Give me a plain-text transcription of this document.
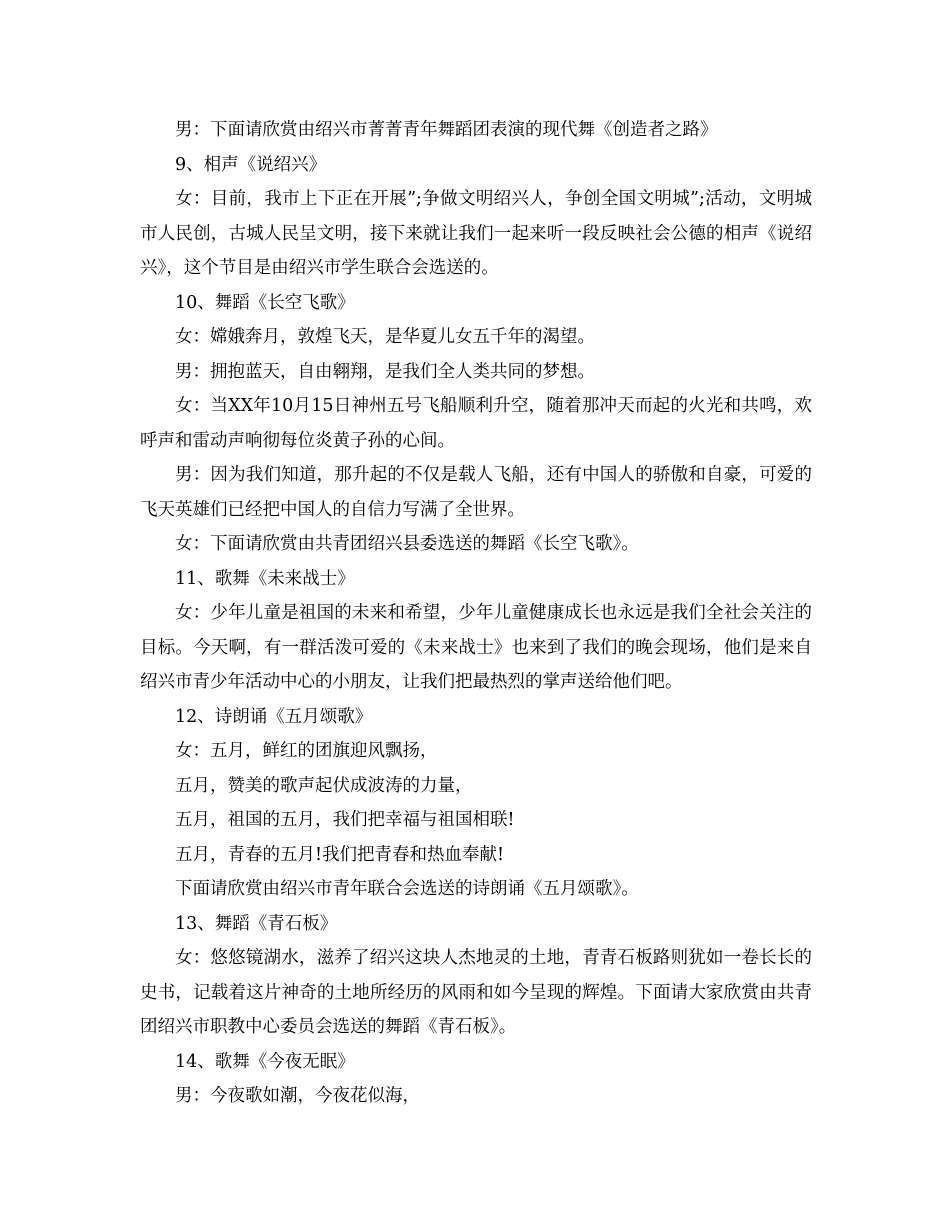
男：下面请欣赏由绍兴市菁菁青年舞蹈团表演的现代舞《创造者之路》

9、相声《说绍兴》

女：目前，我市上下正在开展”;争做文明绍兴人，争创全国文明城”;活动，文明城市人民创，古城人民呈文明，接下来就让我们一起来听一段反映社会公德的相声《说绍兴》，这个节目是由绍兴市学生联合会选送的。

10、舞蹈《长空飞歌》

女：嫦娥奔月，敦煌飞天，是华夏儿女五千年的渴望。

男：拥抱蓝天，自由翱翔，是我们全人类共同的梦想。

女：当XX年10月15日神州五号飞船顺利升空，随着那冲天而起的火光和共鸣，欢呼声和雷动声响彻每位炎黄子孙的心间。

男：因为我们知道，那升起的不仅是载人飞船，还有中国人的骄傲和自豪，可爱的飞天英雄们已经把中国人的自信力写满了全世界。

女：下面请欣赏由共青团绍兴县委选送的舞蹈《长空飞歌》。

11、歌舞《未来战士》

女：少年儿童是祖国的未来和希望，少年儿童健康成长也永远是我们全社会关注的目标。今天啊，有一群活泼可爱的《未来战士》也来到了我们的晚会现场，他们是来自绍兴市青少年活动中心的小朋友，让我们把最热烈的掌声送给他们吧。

12、诗朗诵《五月颂歌》

女：五月，鲜红的团旗迎风飘扬，

五月，赞美的歌声起伏成波涛的力量，

五月，祖国的五月，我们把幸福与祖国相联!

五月，青春的五月!我们把青春和热血奉献!

下面请欣赏由绍兴市青年联合会选送的诗朗诵《五月颂歌》。

13、舞蹈《青石板》

女：悠悠镜湖水，滋养了绍兴这块人杰地灵的土地，青青石板路则犹如一卷长长的史书，记载着这片神奇的土地所经历的风雨和如今呈现的辉煌。下面请大家欣赏由共青团绍兴市职教中心委员会选送的舞蹈《青石板》。

14、歌舞《今夜无眠》

男：今夜歌如潮，今夜花似海，
